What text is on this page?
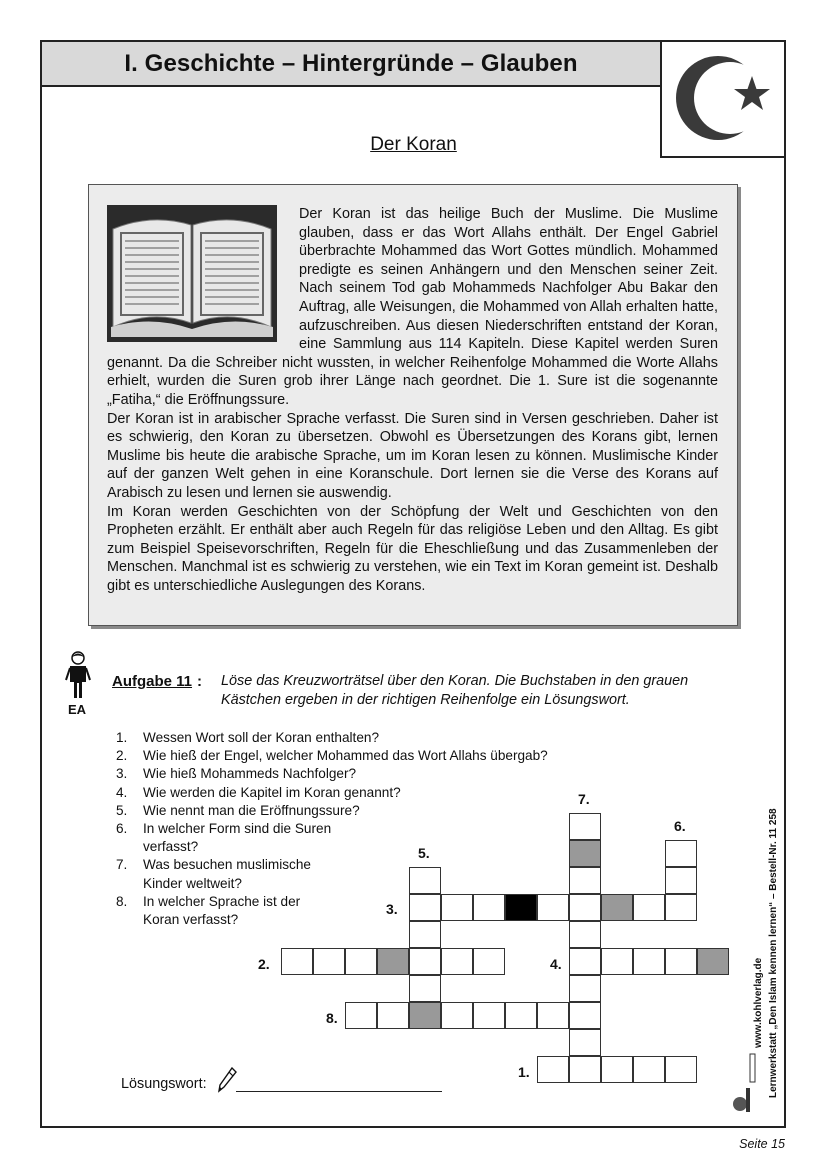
I. Geschichte – Hintergründe – Glauben
Der Koran
Der Koran ist das heilige Buch der Muslime. Die Muslime glauben, dass er das Wort Allahs enthält. Der Engel Gabriel überbrachte Mohammed das Wort Gottes mündlich. Mohammed predigte es seinen Anhängern und den Menschen seiner Zeit. Nach seinem Tod gab Mohammeds Nachfolger Abu Bakar den Auftrag, alle Weisungen, die Mohammed von Allah erhalten hatte, aufzuschreiben. Aus diesen Niederschriften entstand der Koran, eine Sammlung aus 114 Kapiteln. Diese Kapitel werden Suren genannt. Da die Schreiber nicht wussten, in welcher Reihenfolge Mohammed die Worte Allahs erhielt, wurden die Suren grob ihrer Länge nach geordnet. Die 1. Sure ist die sogenannte „Fatiha,“ die Eröffnungssure.
Der Koran ist in arabischer Sprache verfasst. Die Suren sind in Versen geschrieben. Daher ist es schwierig, den Koran zu übersetzen. Obwohl es Übersetzungen des Korans gibt, lernen Muslime bis heute die arabische Sprache, um im Koran lesen zu können. Muslimische Kinder auf der ganzen Welt gehen in eine Koranschule. Dort lernen sie die Verse des Korans auf Arabisch zu lesen und lernen sie auswendig.
Im Koran werden Geschichten von der Schöpfung der Welt und Geschichten von den Propheten erzählt. Er enthält aber auch Regeln für das religiöse Leben und den Alltag. Es gibt zum Beispiel Speisevorschriften, Regeln für die Eheschließung und das Zusammenleben der Menschen. Manchmal ist es schwierig zu verstehen, wie ein Text im Koran gemeint ist. Deshalb gibt es unterschiedliche Auslegungen des Korans.
EA
Aufgabe 11 : Löse das Kreuzworträtsel über den Koran. Die Buchstaben in den grauen Kästchen ergeben in der richtigen Reihenfolge ein Lösungswort.
1.	Wessen Wort soll der Koran enthalten?
2.	Wie hieß der Engel, welcher Mohammed das Wort Allahs übergab?
3.	Wie hieß Mohammeds Nachfolger?
4.	Wie werden die Kapitel im Koran genannt?
5.	Wie nennt man die Eröffnungssure?
6.	In welcher Form sind die Suren verfasst?
7.	Was besuchen muslimische Kinder weltweit?
8.	In welcher Sprache ist der Koran verfasst?
7.
6.
5.
3.
2.	4.
8.
1.
Lösungswort:	Lernwerkstatt „Den Islam kennen lernen“ – Bestell-Nr. 11 258
www.kohlverlag.de
Seite 15
